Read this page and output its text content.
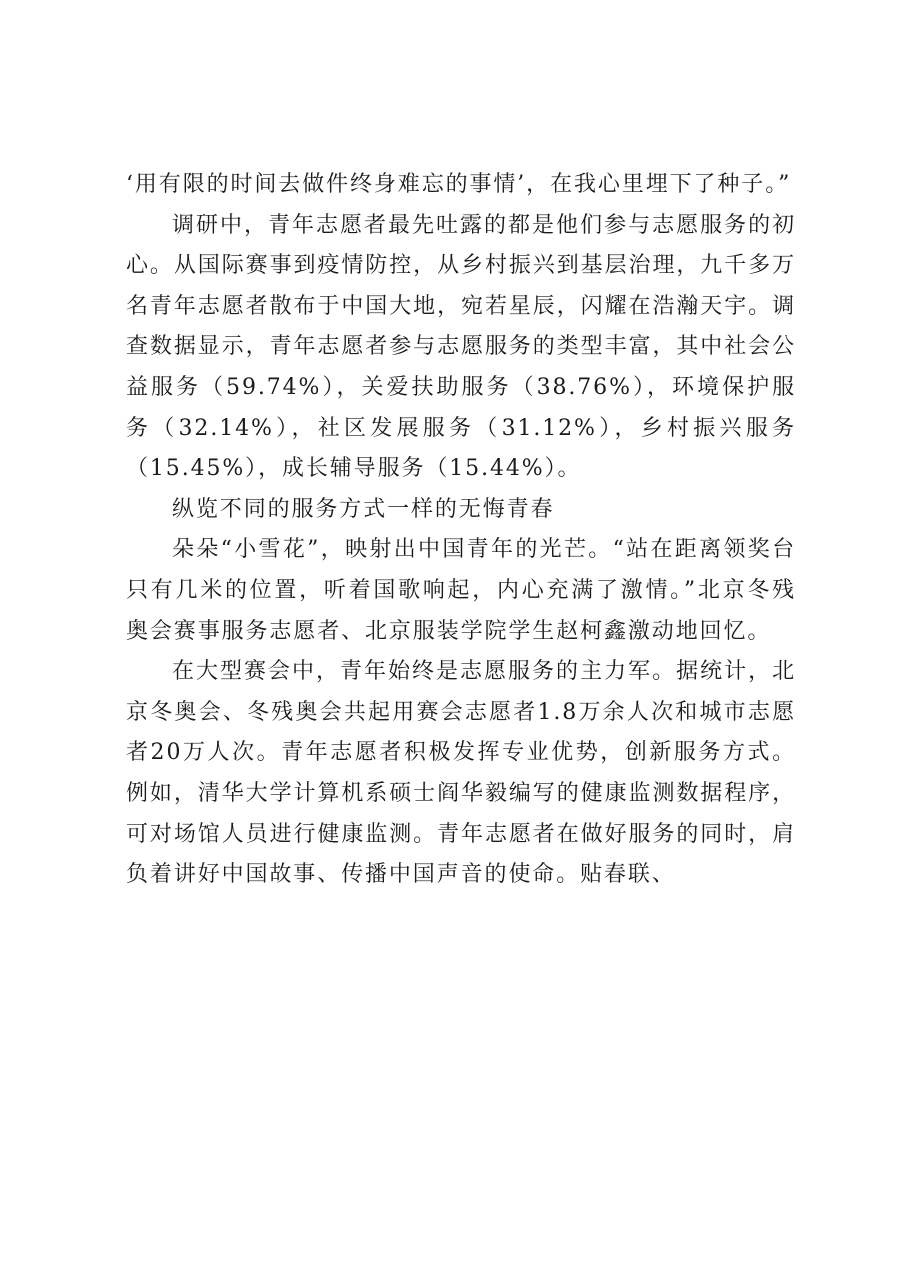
‘用有限的时间去做件终身难忘的事情’，在我心里埋下了种子。”

调研中，青年志愿者最先吐露的都是他们参与志愿服务的初心。从国际赛事到疫情防控，从乡村振兴到基层治理，九千多万名青年志愿者散布于中国大地，宛若星辰，闪耀在浩瀚天宇。调查数据显示，青年志愿者参与志愿服务的类型丰富，其中社会公益服务（59.74%），关爱扶助服务（38.76%），环境保护服务（32.14%），社区发展服务（31.12%），乡村振兴服务（15.45%），成长辅导服务（15.44%）。

纵览不同的服务方式一样的无悔青春

朵朵“小雪花”，映射出中国青年的光芒。“站在距离领奖台只有几米的位置，听着国歌响起，内心充满了激情。”北京冬残奥会赛事服务志愿者、北京服装学院学生赵柯鑫激动地回忆。

在大型赛会中，青年始终是志愿服务的主力军。据统计，北京冬奥会、冬残奥会共起用赛会志愿者1.8万余人次和城市志愿者20万人次。青年志愿者积极发挥专业优势，创新服务方式。例如，清华大学计算机系硕士阎华毅编写的健康监测数据程序，可对场馆人员进行健康监测。青年志愿者在做好服务的同时，肩负着讲好中国故事、传播中国声音的使命。贴春联、
